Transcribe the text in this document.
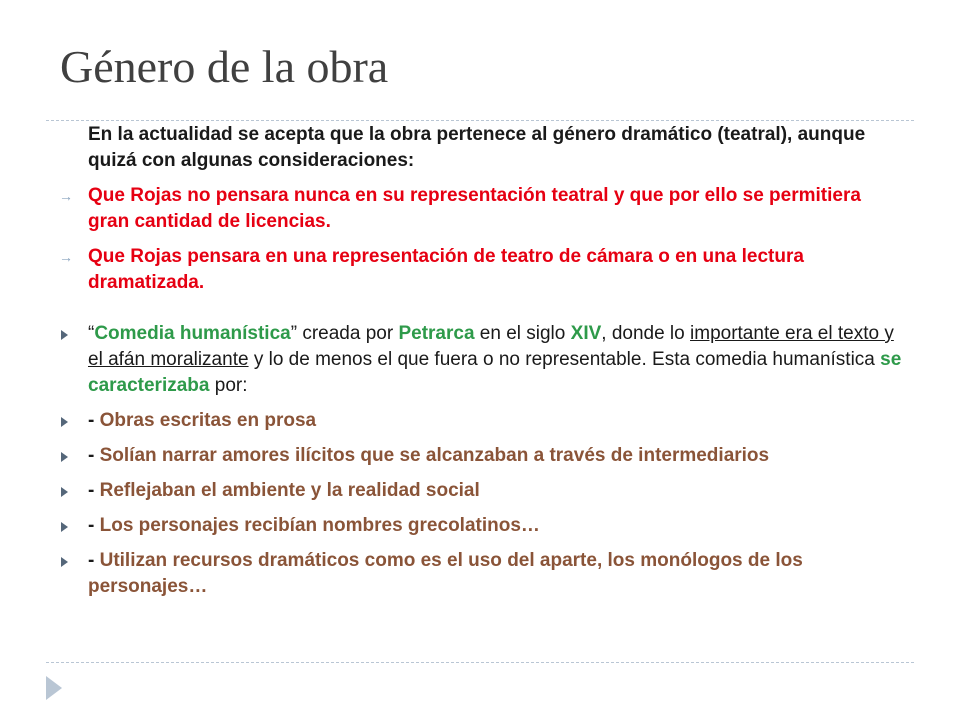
Género de la obra
En la actualidad se acepta que la obra pertenece al género dramático (teatral), aunque quizá con algunas consideraciones:
→ Que Rojas no pensara nunca en su representación teatral y que por ello se permitiera gran cantidad de licencias.
→ Que Rojas pensara en una representación de teatro de cámara o en una lectura dramatizada.
“Comedia humanística” creada por Petrarca en el siglo XIV, donde lo importante era el texto y el afán moralizante y lo de menos el que fuera o no representable. Esta comedia humanística se caracterizaba por:
- Obras escritas en prosa
- Solían narrar amores ilícitos que se alcanzaban a través de intermediarios
- Reflejaban el ambiente y la realidad social
- Los personajes recibían nombres grecolatinos…
- Utilizan recursos dramáticos como es el uso del aparte, los monólogos de los personajes…
